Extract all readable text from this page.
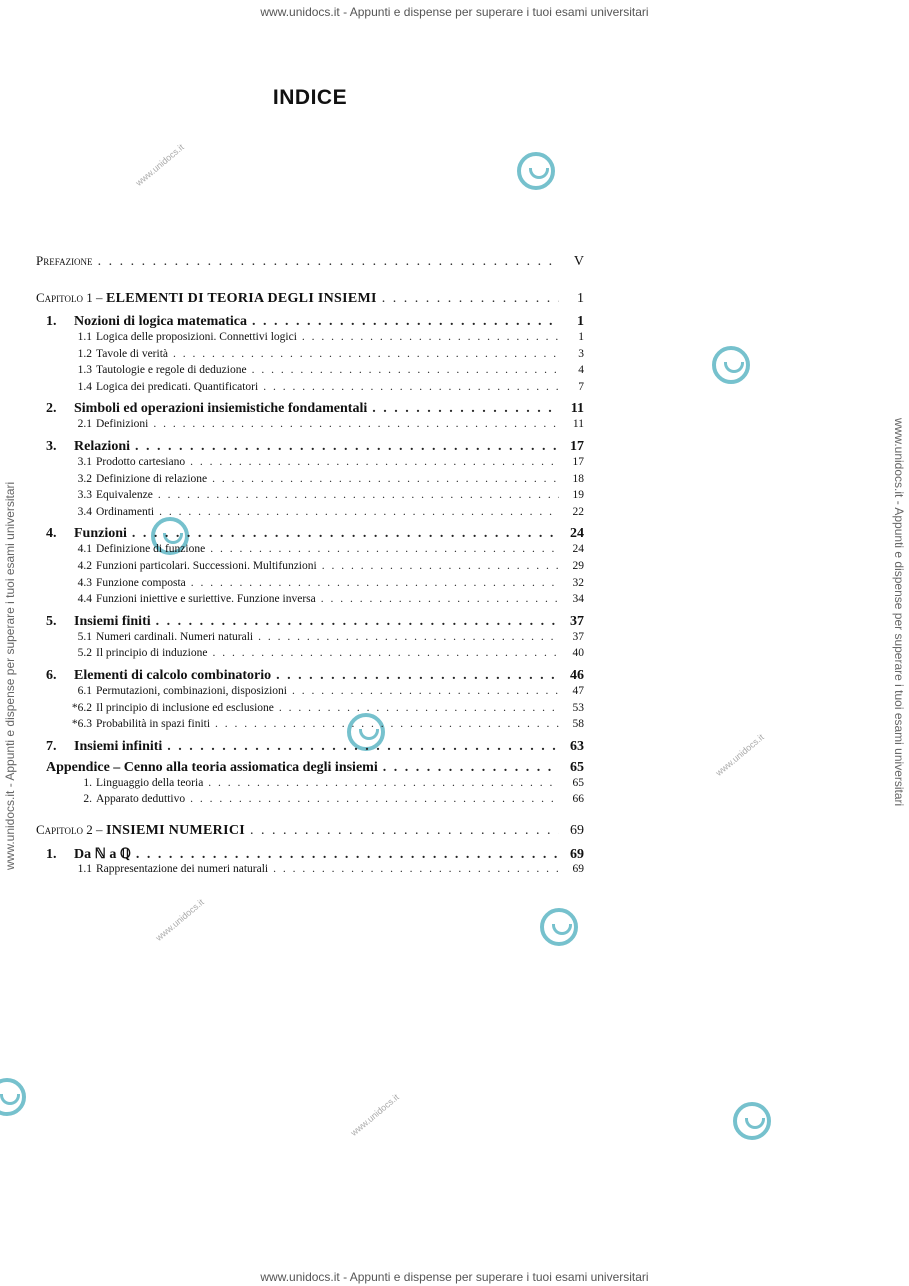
www.unidocs.it - Appunti e dispense per superare i tuoi esami universitari
www.unidocs.it - Appunti e dispense per superare i tuoi esami universitari
www.unidocs.it - Appunti e dispense per superare i tuoi esami universitari	www.unidocs.it - Appunti e dispense per superare i tuoi esami universitari
www.unidocs.it
www.unidocs.it
www.unidocs.it
www.unidocs.it
INDICE
Prefazione . . .	V
Capitolo 1 –
ELEMENTI DI TEORIA DEGLI INSIEMI . . .	1
1.	Nozioni di logica matematica . . .	1
1.1 Logica delle proposizioni. Connettivi logici . . .	1
1.2 Tavole di verità . . .	3
1.3 Tautologie e regole di deduzione . . .	4
1.4 Logica dei predicati. Quantificatori . . .	7
2.	Simboli ed operazioni insiemistiche fondamentali . . .	11
2.1 Definizioni . . .	11
3.	Relazioni . . .	17
3.1 Prodotto cartesiano . . .	17
3.2 Definizione di relazione . . .	18
3.3 Equivalenze . . .	19
3.4 Ordinamenti . . .	22
4.	Funzioni . . .	24
4.1 Definizione di funzione . . .	24
4.2 Funzioni particolari. Successioni. Multifunzioni . . .	29
4.3 Funzione composta . . .	32
4.4 Funzioni iniettive e suriettive. Funzione inversa . . .	34
5.	Insiemi finiti . . .	37
5.1 Numeri cardinali. Numeri naturali . . .	37
5.2 Il principio di induzione . . .	40
6.	Elementi di calcolo combinatorio . . .	46
6.1 Permutazioni, combinazioni, disposizioni . . .	47
*6.2 Il principio di inclusione ed esclusione . . .	53
*6.3 Probabilità in spazi finiti . . .	58
7.	Insiemi infiniti . . .	63
Appendice – Cenno alla teoria assiomatica degli insiemi . . .	65
1. Linguaggio della teoria . . .	65
2. Apparato deduttivo . . .	66
Capitolo 2 –
INSIEMI NUMERICI . . .	69
1.	Da ℕ a ℚ . . .	69
1.1 Rappresentazione dei numeri naturali . . .	69
